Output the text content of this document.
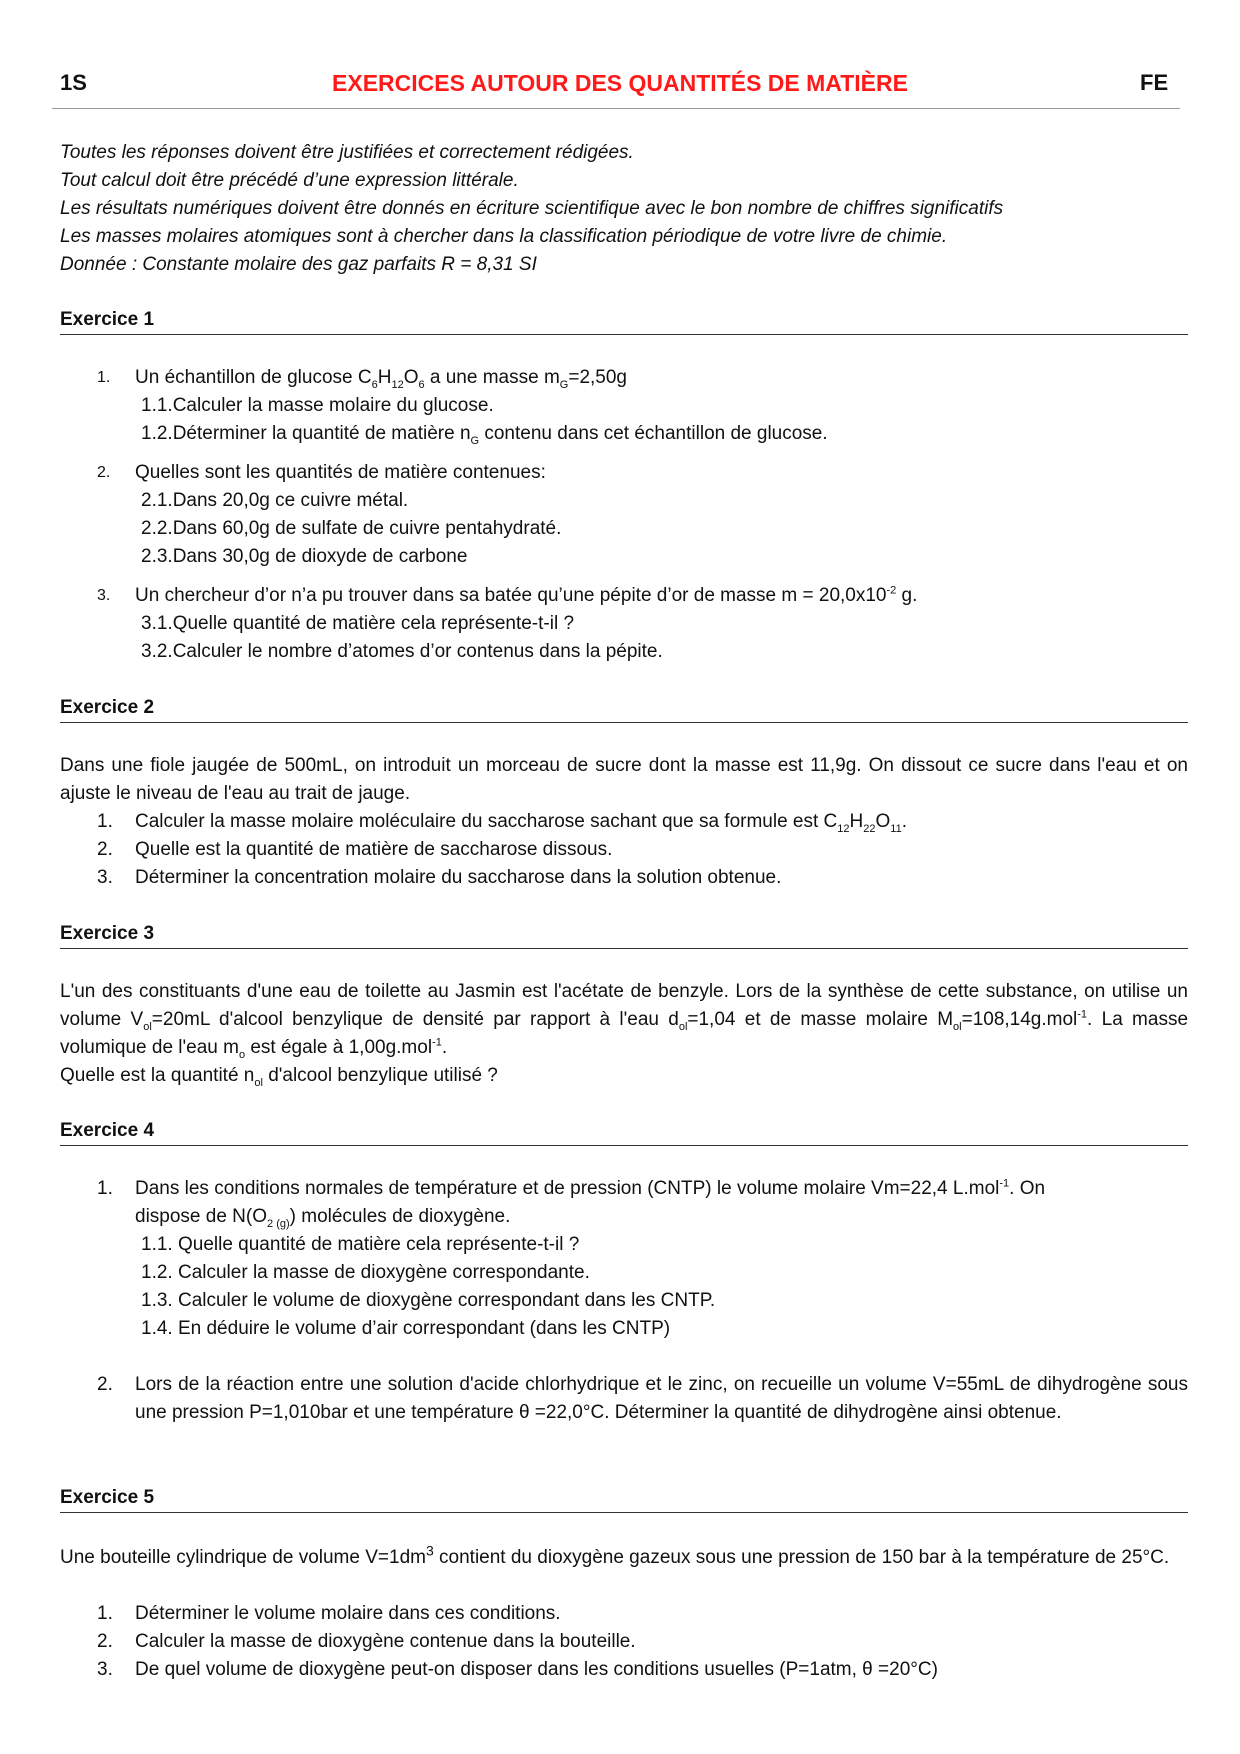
1S	EXERCICES AUTOUR DES QUANTITÉS DE MATIÈRE	FE
Toutes les réponses doivent être justifiées et correctement rédigées.
Tout calcul doit être précédé d’une expression littérale.
Les résultats numériques doivent être donnés en écriture scientifique avec le bon nombre de chiffres significatifs
Les masses molaires atomiques sont à chercher dans la classification périodique de votre livre de chimie.
Donnée : Constante molaire des gaz parfaits R = 8,31 SI
Exercice 1
1. Un échantillon de glucose $C_6H_{12}O_6$ a une masse $m_G=2,50g$
1.1.Calculer la masse molaire du glucose.
1.2.Déterminer la quantité de matière $n_G$ contenu dans cet échantillon de glucose.
2. Quelles sont les quantités de matière contenues:
2.1.Dans 20,0g ce cuivre métal.
2.2.Dans 60,0g de sulfate de cuivre pentahydraté.
2.3.Dans 30,0g de dioxyde de carbone
3. Un chercheur d’or n’a pu trouver dans sa batée qu’une pépite d’or de masse $m = 20,0x10^{-2}$ g.
3.1.Quelle quantité de matière cela représente-t-il ?
3.2.Calculer le nombre d’atomes d’or contenus dans la pépite.
Exercice 2
Dans une fiole jaugée de 500mL, on introduit un morceau de sucre dont la masse est 11,9g. On dissout ce sucre dans l'eau et on ajuste le niveau de l'eau au trait de jauge.
1. Calculer la masse molaire moléculaire du saccharose sachant que sa formule est $C_{12}H_{22}O_{11}$.
2. Quelle est la quantité de matière de saccharose dissous.
3. Déterminer la concentration molaire du saccharose dans la solution obtenue.
Exercice 3
L'un des constituants d'une eau de toilette au Jasmin est l'acétate de benzyle. Lors de la synthèse de cette substance, on utilise un volume $V_{ol}=20mL$ d'alcool benzylique de densité par rapport à l'eau $d_{ol}=1,04$ et de masse molaire $M_{ol}=108,14g.mol^{-1}$. La masse volumique de l'eau $m_o$ est égale à 1,00g.mol$^{-1}$.
Quelle est la quantité $n_{ol}$ d'alcool benzylique utilisé ?
Exercice 4
1. Dans les conditions normales de température et de pression (CNTP) le volume molaire Vm=22,4 L.mol$^{-1}$. On
dispose de $N(O_{2 (g)})$ molécules de dioxygène.
1.1. Quelle quantité de matière cela représente-t-il ?
1.2. Calculer la masse de dioxygène correspondante.
1.3. Calculer le volume de dioxygène correspondant dans les CNTP.
1.4. En déduire le volume d’air correspondant (dans les CNTP)
2. Lors de la réaction entre une solution d'acide chlorhydrique et le zinc, on recueille un volume V=55mL de dihydrogène sous une pression P=1,010bar et une température θ =22,0°C. Déterminer la quantité de dihydrogène ainsi obtenue.
Exercice 5
Une bouteille cylindrique de volume $V=1dm^3$ contient du dioxygène gazeux sous une pression de 150 bar à la température de 25°C.
1. Déterminer le volume molaire dans ces conditions.
2. Calculer la masse de dioxygène contenue dans la bouteille.
3. De quel volume de dioxygène peut-on disposer dans les conditions usuelles (P=1atm, θ =20°C)
